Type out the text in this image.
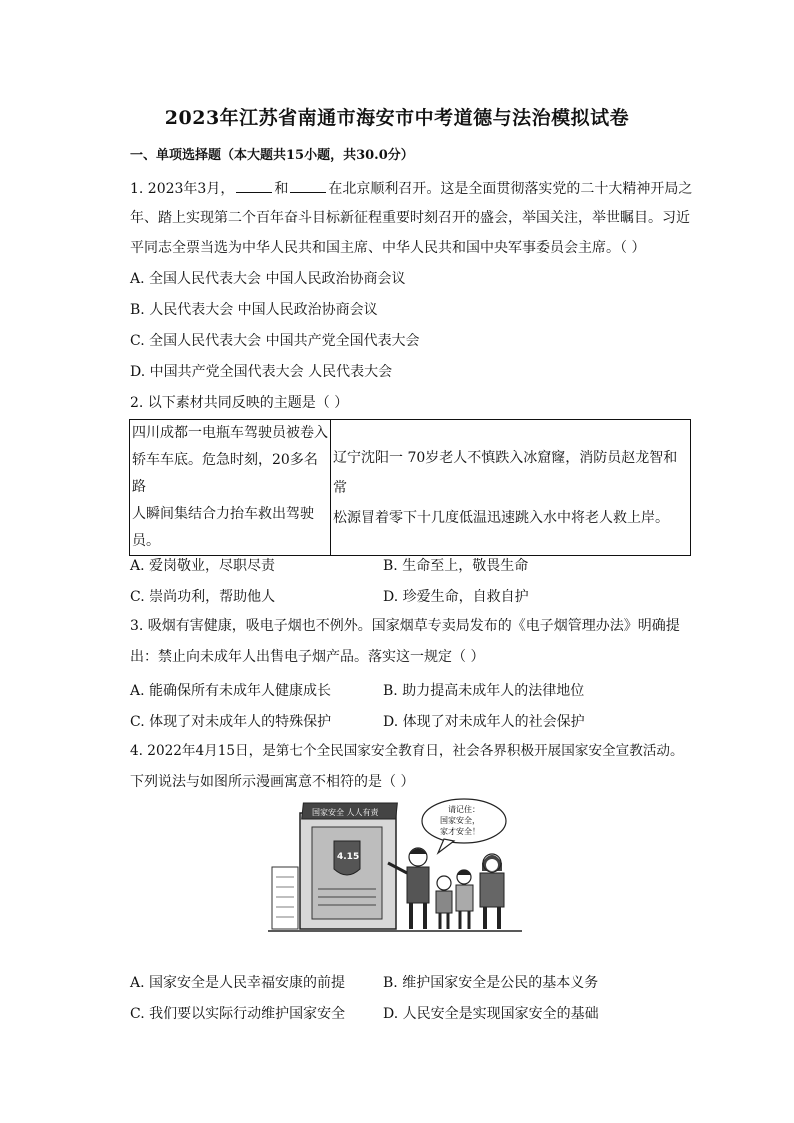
2023年江苏省南通市海安市中考道德与法治模拟试卷
一、单项选择题（本大题共15小题，共30.0分）
1. 2023年3月，	和	在北京顺利召开。这是全面贯彻落实党的二十大精神开局之
年、踏上实现第二个百年奋斗目标新征程重要时刻召开的盛会，举国关注，举世瞩目。习近
平同志全票当选为中华人民共和国主席、中华人民共和国中央军事委员会主席。（ ）
A. 全国人民代表大会 中国人民政治协商会议
B. 人民代表大会 中国人民政治协商会议
C. 全国人民代表大会 中国共产党全国代表大会
D. 中国共产党全国代表大会 人民代表大会
2. 以下素材共同反映的主题是（ ）
四川成都一电瓶车驾驶员被卷入
轿车车底。危急时刻，20多名路
人瞬间集结合力抬车救出驾驶员。

辽宁沈阳一 70岁老人不慎跌入冰窟窿，消防员赵龙智和常
松源冒着零下十几度低温迅速跳入水中将老人救上岸。
A. 爱岗敬业，尽职尽责	B. 生命至上，敬畏生命
C. 崇尚功利，帮助他人	D. 珍爱生命，自救自护
3. 吸烟有害健康，吸电子烟也不例外。国家烟草专卖局发布的《电子烟管理办法》明确提
出：禁止向未成年人出售电子烟产品。落实这一规定（ ）
A. 能确保所有未成年人健康成长	B. 助力提高未成年人的法律地位
C. 体现了对未成年人的特殊保护	D. 体现了对未成年人的社会保护
4. 2022年4月15日，是第七个全民国家安全教育日，社会各界积极开展国家安全宣教活动。
下列说法与如图所示漫画寓意不相符的是（ ）
国家安全 人人有责
4.15
请记住：
国家安全，
家才安全！
A. 国家安全是人民幸福安康的前提	B. 维护国家安全是公民的基本义务
C. 我们要以实际行动维护国家安全	D. 人民安全是实现国家安全的基础
